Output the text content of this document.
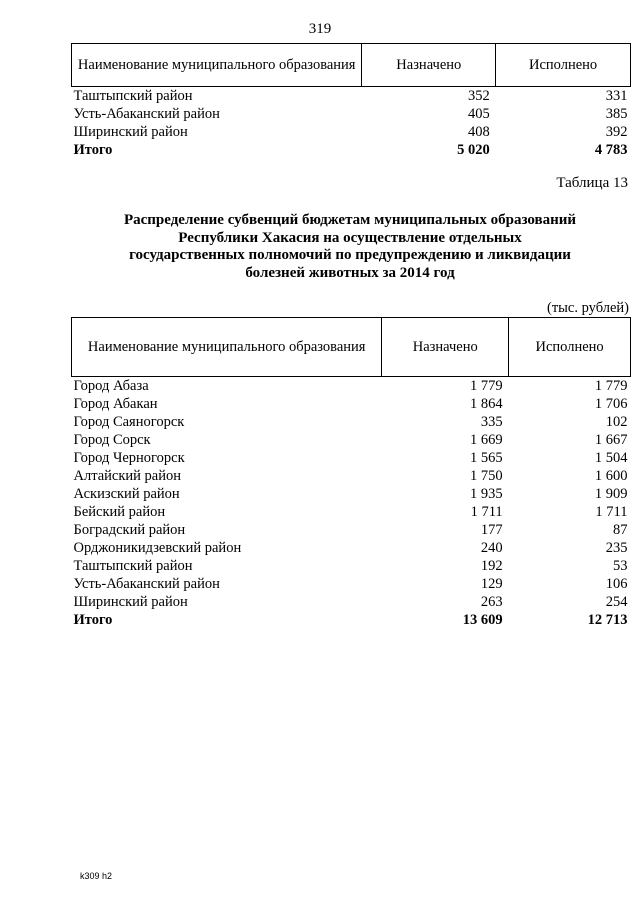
319
Наименование муниципального образования	Назначено	Исполнено
Таштыпский район	352	331
Усть-Абаканский район	405	385
Ширинский район	408	392
Итого	5 020	4 783
Таблица 13
Распределение субвенций бюджетам муниципальных образований
Республики Хакасия на осуществление отдельных
государственных полномочий по предупреждению и ликвидации
болезней животных за 2014 год
(тыс. рублей)
Наименование муниципального образования	Назначено	Исполнено
Город Абаза	1 779	1 779
Город Абакан	1 864	1 706
Город Саяногорск	335	102
Город Сорск	1 669	1 667
Город Черногорск	1 565	1 504
Алтайский район	1 750	1 600
Аскизский район	1 935	1 909
Бейский район	1 711	1 711
Боградский район	177	87
Орджоникидзевский район	240	235
Таштыпский район	192	53
Усть-Абаканский район	129	106
Ширинский район	263	254
Итого	13 609	12 713
k309 h2
